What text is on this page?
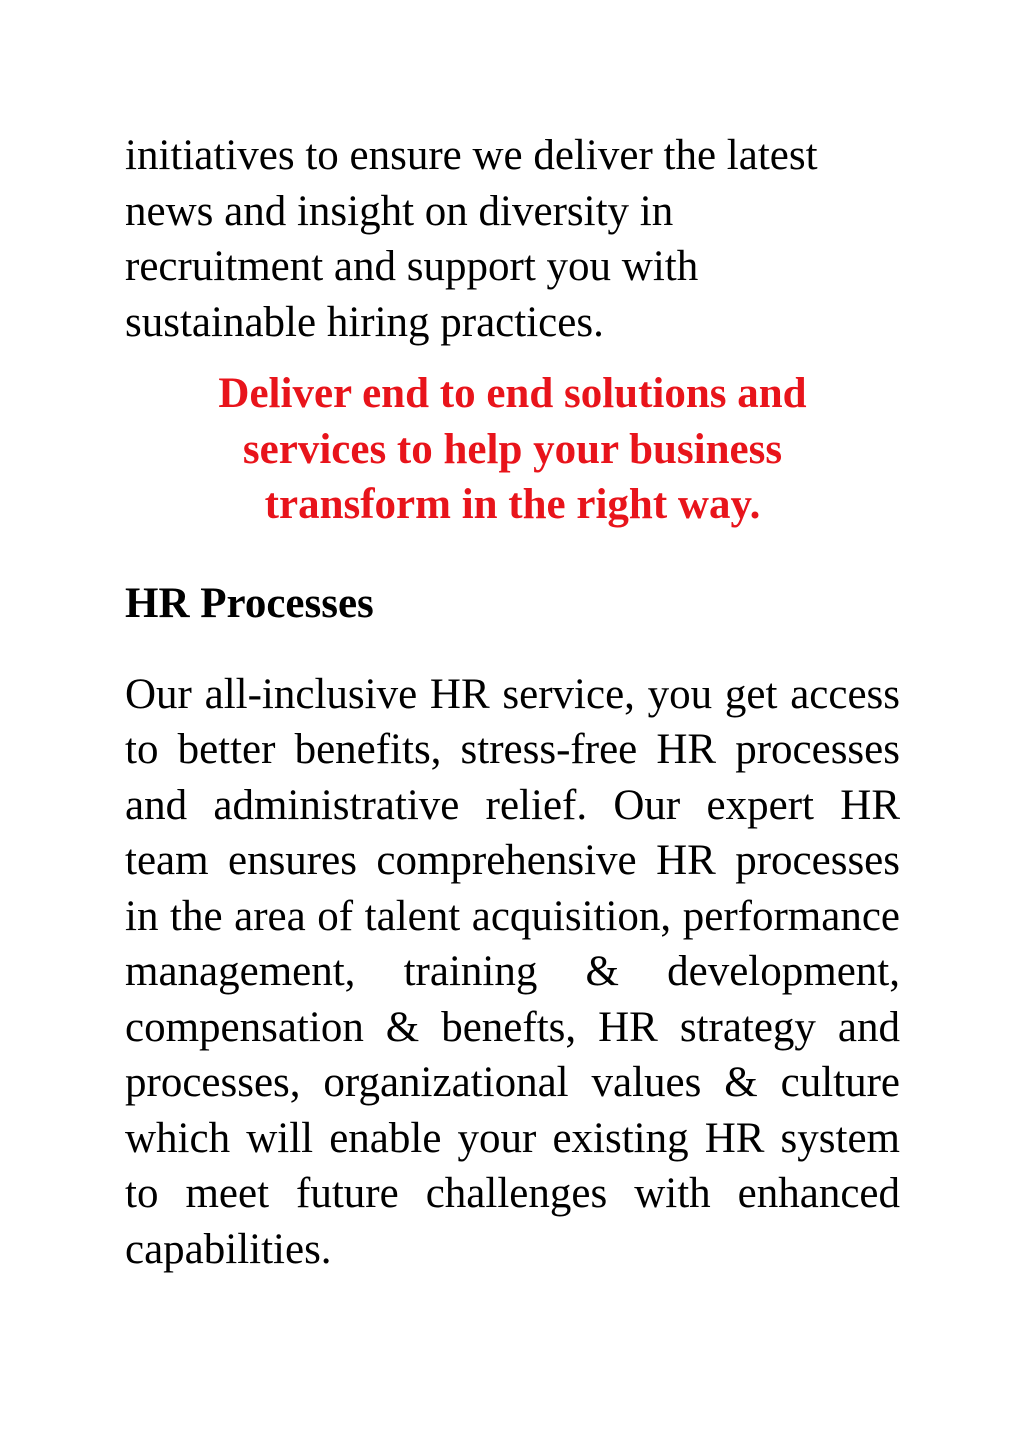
initiatives to ensure we deliver the latest
news and insight on diversity in
recruitment and support you with
sustainable hiring practices.

Deliver end to end solutions and
services to help your business
transform in the right way.

HR Processes

Our all-inclusive HR service, you get access to better benefits, stress-free HR processes and administrative relief. Our expert HR team ensures comprehensive HR processes in the area of talent acquisition, performance management, training & development, compensation & benefts, HR strategy and processes, organizational values & culture which will enable your existing HR system to meet future challenges with enhanced capabilities.
